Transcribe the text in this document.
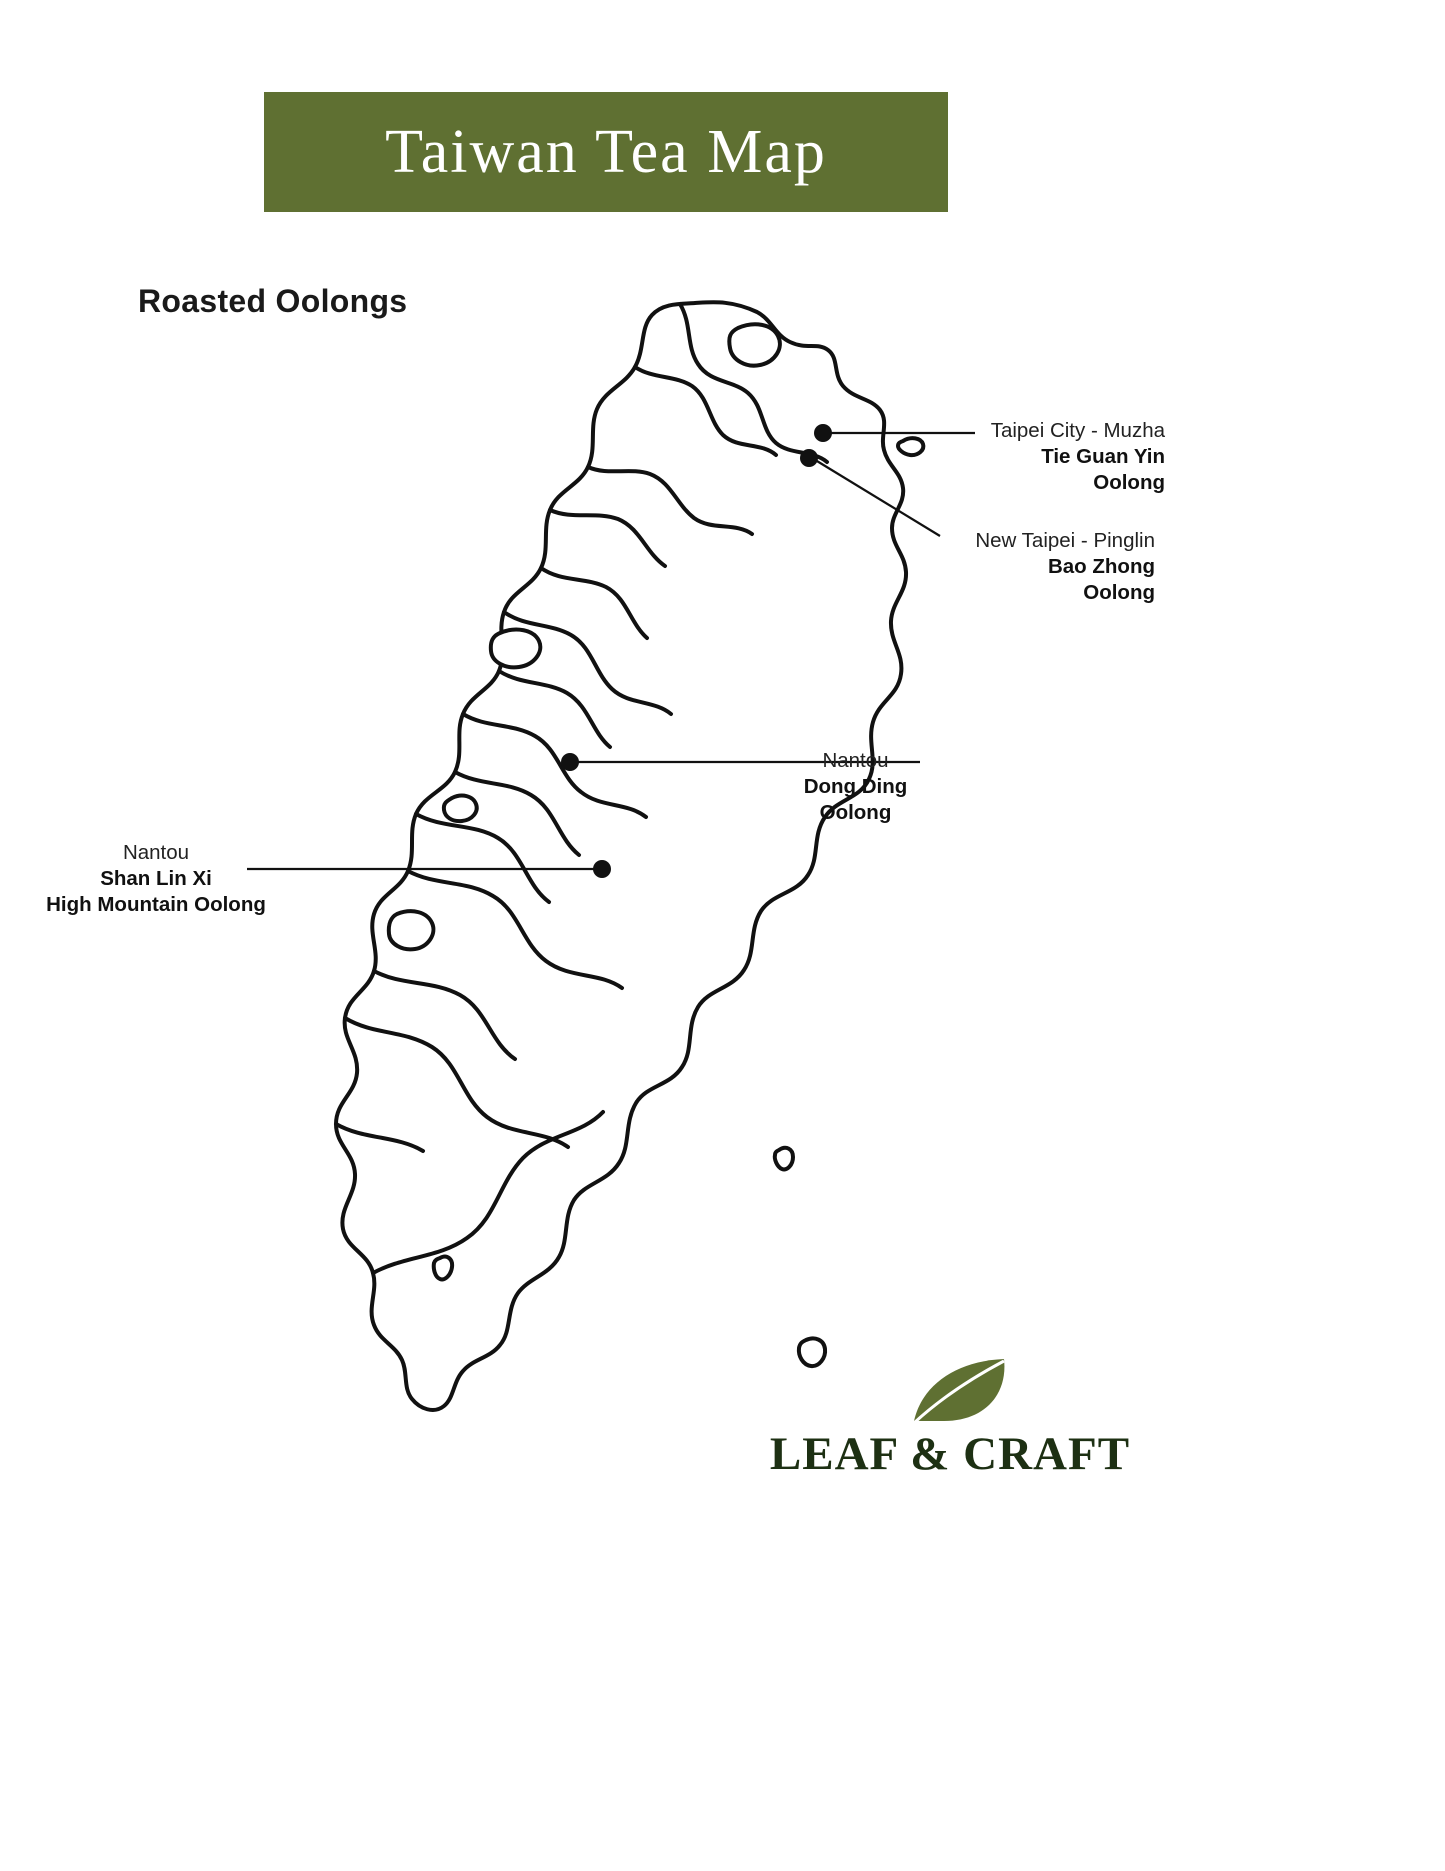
Taiwan Tea Map
Roasted Oolongs
Taipei City - Muzha
Tie Guan Yin
Oolong
New Taipei - Pinglin
Bao Zhong
Oolong
Nantou
Dong Ding
Oolong
Nantou
Shan Lin Xi
High Mountain Oolong
LEAF & CRAFT
